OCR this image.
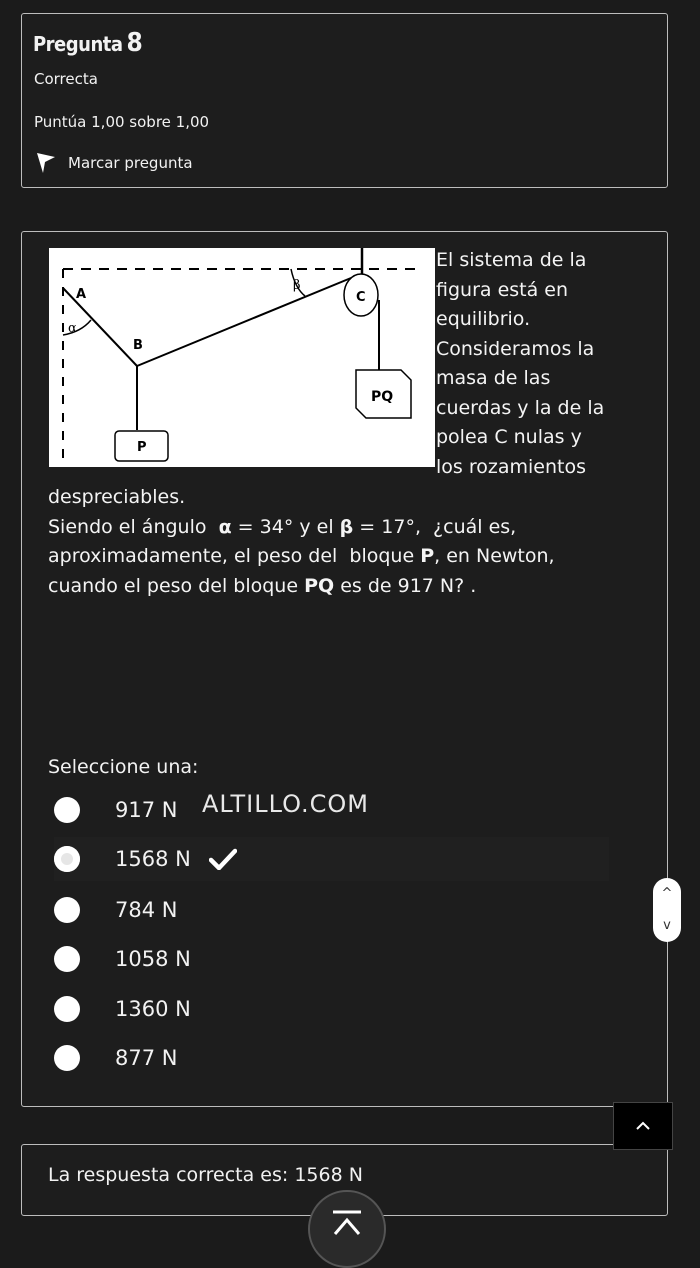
Pregunta 8
Correcta
Puntúa 1,00 sobre 1,00
Marcar pregunta
A
α
B
β
C
PQ
P
El sistema de la
figura está en
equilibrio.
Consideramos la
masa de las
cuerdas y la de la
polea C nulas y
los rozamientos
despreciables.
Siendo el ángulo  α = 34° y el β = 17°,  ¿cuál es,
aproximadamente, el peso del  bloque P, en Newton,
cuando el peso del bloque PQ es de 917 N? .
Seleccione una:
ALTILLO.COM
917 N
1568 N
784 N
1058 N
1360 N
877 N
La respuesta correcta es: 1568 N
^
v
